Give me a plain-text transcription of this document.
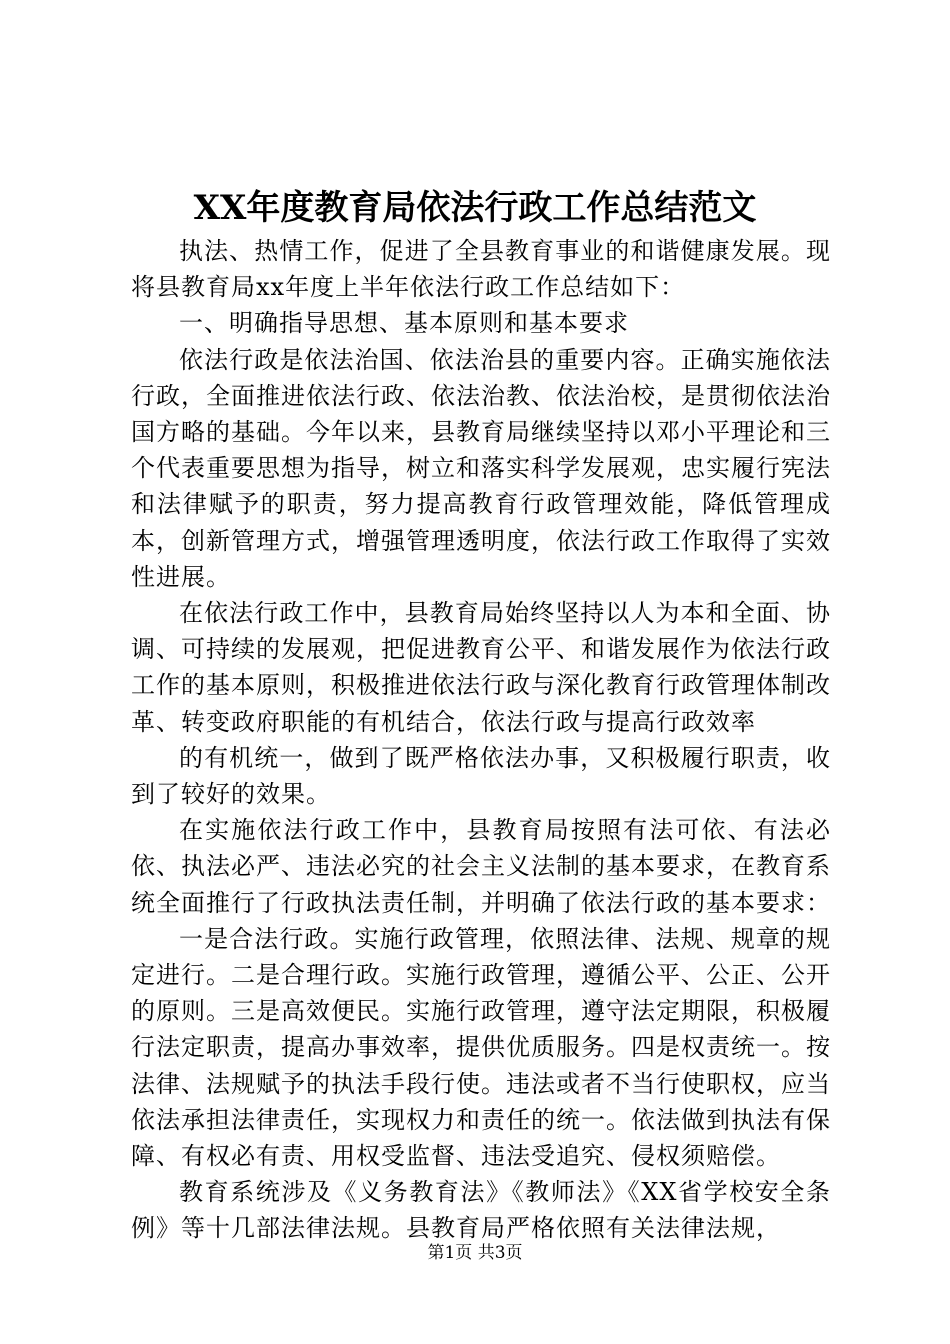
XX年度教育局依法行政工作总结范文

执法、热情工作，促进了全县教育事业的和谐健康发展。现将县教育局xx年度上半年依法行政工作总结如下：

一、明确指导思想、基本原则和基本要求

依法行政是依法治国、依法治县的重要内容。正确实施依法行政，全面推进依法行政、依法治教、依法治校，是贯彻依法治国方略的基础。今年以来，县教育局继续坚持以邓小平理论和三个代表重要思想为指导，树立和落实科学发展观，忠实履行宪法和法律赋予的职责，努力提高教育行政管理效能，降低管理成本，创新管理方式，增强管理透明度，依法行政工作取得了实效性进展。

在依法行政工作中，县教育局始终坚持以人为本和全面、协调、可持续的发展观，把促进教育公平、和谐发展作为依法行政工作的基本原则，积极推进依法行政与深化教育行政管理体制改革、转变政府职能的有机结合，依法行政与提高行政效率

的有机统一，做到了既严格依法办事，又积极履行职责，收到了较好的效果。

在实施依法行政工作中，县教育局按照有法可依、有法必依、执法必严、违法必究的社会主义法制的基本要求，在教育系统全面推行了行政执法责任制，并明确了依法行政的基本要求：

一是合法行政。实施行政管理，依照法律、法规、规章的规定进行。二是合理行政。实施行政管理，遵循公平、公正、公开的原则。三是高效便民。实施行政管理，遵守法定期限，积极履行法定职责，提高办事效率，提供优质服务。四是权责统一。按法律、法规赋予的执法手段行使。违法或者不当行使职权，应当依法承担法律责任，实现权力和责任的统一。依法做到执法有保障、有权必有责、用权受监督、违法受追究、侵权须赔偿。

教育系统涉及《义务教育法》《教师法》《XX省学校安全条例》等十几部法律法规。县教育局严格依照有关法律法规，

第1页 共3页
